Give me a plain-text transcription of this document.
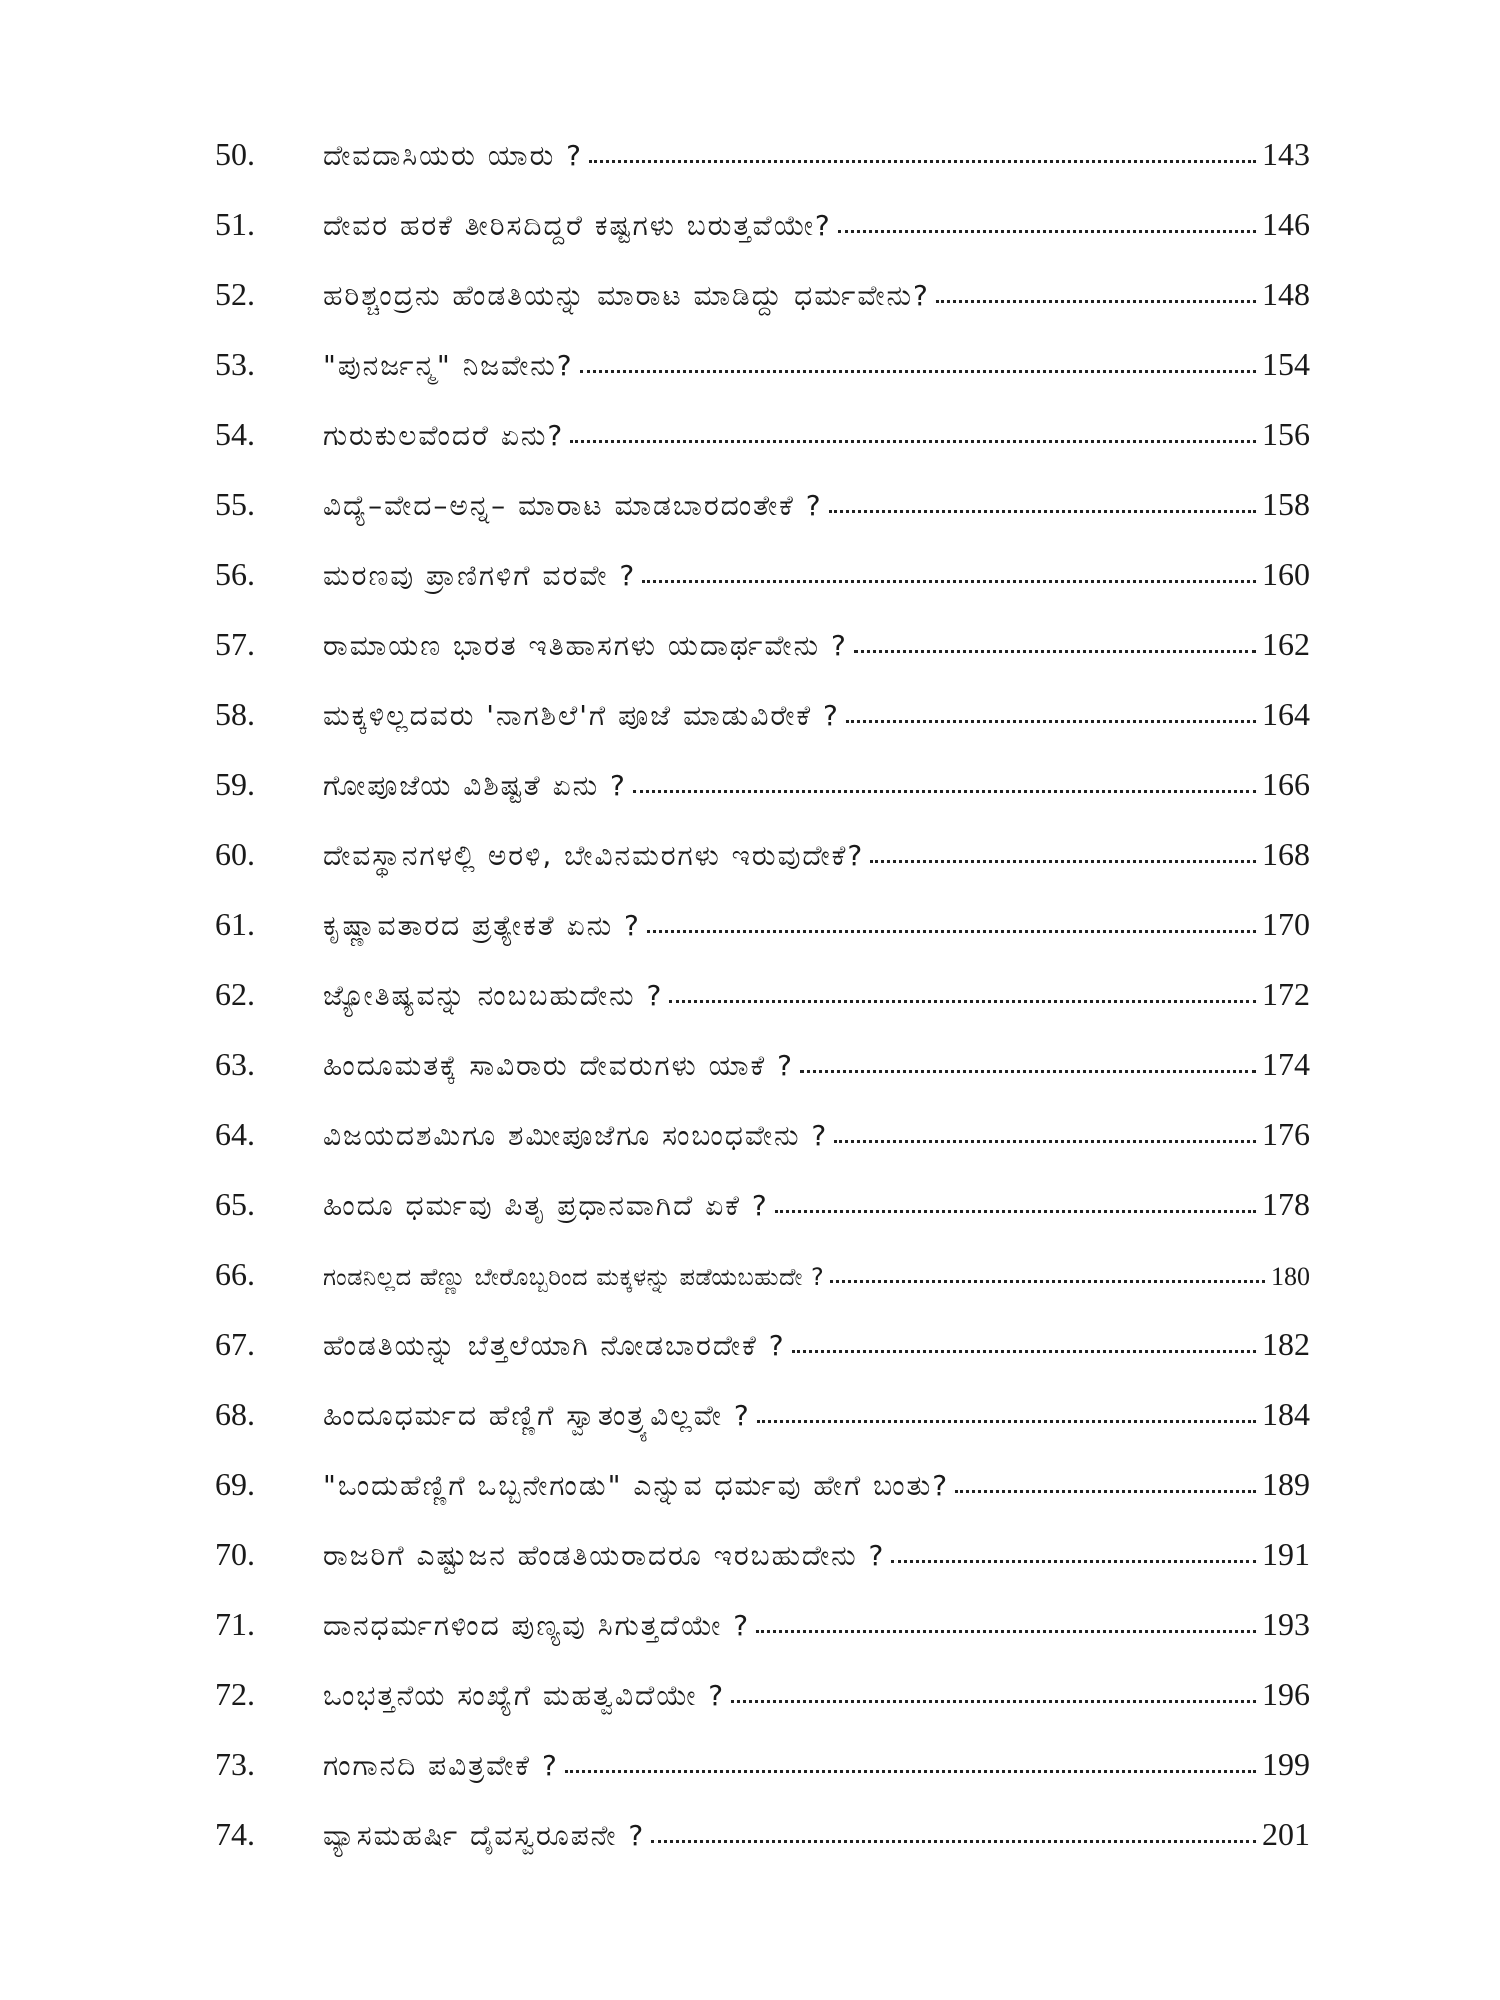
50.	ದೇವದಾಸಿಯರು ಯಾರು ?	143
51.	ದೇವರ ಹರಕೆ ತೀರಿಸದಿದ್ದರೆ ಕಷ್ಟಗಳು ಬರುತ್ತವೆಯೇ?	146
52.	ಹರಿಶ್ಚಂದ್ರನು ಹೆಂಡತಿಯನ್ನು ಮಾರಾಟ ಮಾಡಿದ್ದು ಧರ್ಮವೇನು?	148
53.	"ಪುನರ್ಜನ್ಮ" ನಿಜವೇನು?	154
54.	ಗುರುಕುಲವೆಂದರೆ ಏನು?	156
55.	ವಿದ್ಯೆ–ವೇದ–ಅನ್ನ– ಮಾರಾಟ ಮಾಡಬಾರದಂತೇಕೆ ?	158
56.	ಮರಣವು ಪ್ರಾಣಿಗಳಿಗೆ ವರವೇ ?	160
57.	ರಾಮಾಯಣ ಭಾರತ ಇತಿಹಾಸಗಳು ಯದಾರ್ಥವೇನು ?	162
58.	ಮಕ್ಕಳಿಲ್ಲದವರು 'ನಾಗಶಿಲೆ'ಗೆ ಪೂಜೆ ಮಾಡುವಿರೇಕೆ ?	164
59.	ಗೋಪೂಜೆಯ ವಿಶಿಷ್ಟತೆ ಏನು ?	166
60.	ದೇವಸ್ಥಾನಗಳಲ್ಲಿ ಅರಳಿ, ಬೇವಿನಮರಗಳು ಇರುವುದೇಕೆ?	168
61.	ಕೃಷ್ಣಾವತಾರದ ಪ್ರತ್ಯೇಕತೆ ಏನು ?	170
62.	ಜ್ಯೋತಿಷ್ಯವನ್ನು ನಂಬಬಹುದೇನು ?	172
63.	ಹಿಂದೂಮತಕ್ಕೆ ಸಾವಿರಾರು ದೇವರುಗಳು ಯಾಕೆ ?	174
64.	ವಿಜಯದಶಮಿಗೂ ಶಮೀಪೂಜೆಗೂ ಸಂಬಂಧವೇನು ?	176
65.	ಹಿಂದೂ ಧರ್ಮವು ಪಿತೃ ಪ್ರಧಾನವಾಗಿದೆ ಏಕೆ ?	178
66.	ಗಂಡನಿಲ್ಲದ ಹೆಣ್ಣು ಬೇರೊಬ್ಬರಿಂದ ಮಕ್ಕಳನ್ನು ಪಡೆಯಬಹುದೇ ?	180
67.	ಹೆಂಡತಿಯನ್ನು ಬೆತ್ತಲೆಯಾಗಿ ನೋಡಬಾರದೇಕೆ ?	182
68.	ಹಿಂದೂಧರ್ಮದ ಹೆಣ್ಣಿಗೆ ಸ್ವಾತಂತ್ರ್ಯವಿಲ್ಲವೇ ?	184
69.	"ಒಂದುಹೆಣ್ಣಿಗೆ ಒಬ್ಬನೇಗಂಡು" ಎನ್ನುವ ಧರ್ಮವು ಹೇಗೆ ಬಂತು?	189
70.	ರಾಜರಿಗೆ ಎಷ್ಟುಜನ ಹೆಂಡತಿಯರಾದರೂ ಇರಬಹುದೇನು ?	191
71.	ದಾನಧರ್ಮಗಳಿಂದ ಪುಣ್ಯವು ಸಿಗುತ್ತದೆಯೇ ?	193
72.	ಒಂಭತ್ತನೆಯ ಸಂಖ್ಯೆಗೆ ಮಹತ್ವವಿದೆಯೇ ?	196
73.	ಗಂಗಾನದಿ ಪವಿತ್ರವೇಕೆ ?	199
74.	ವ್ಯಾಸಮಹರ್ಷಿ ದೈವಸ್ವರೂಪನೇ ?	201
